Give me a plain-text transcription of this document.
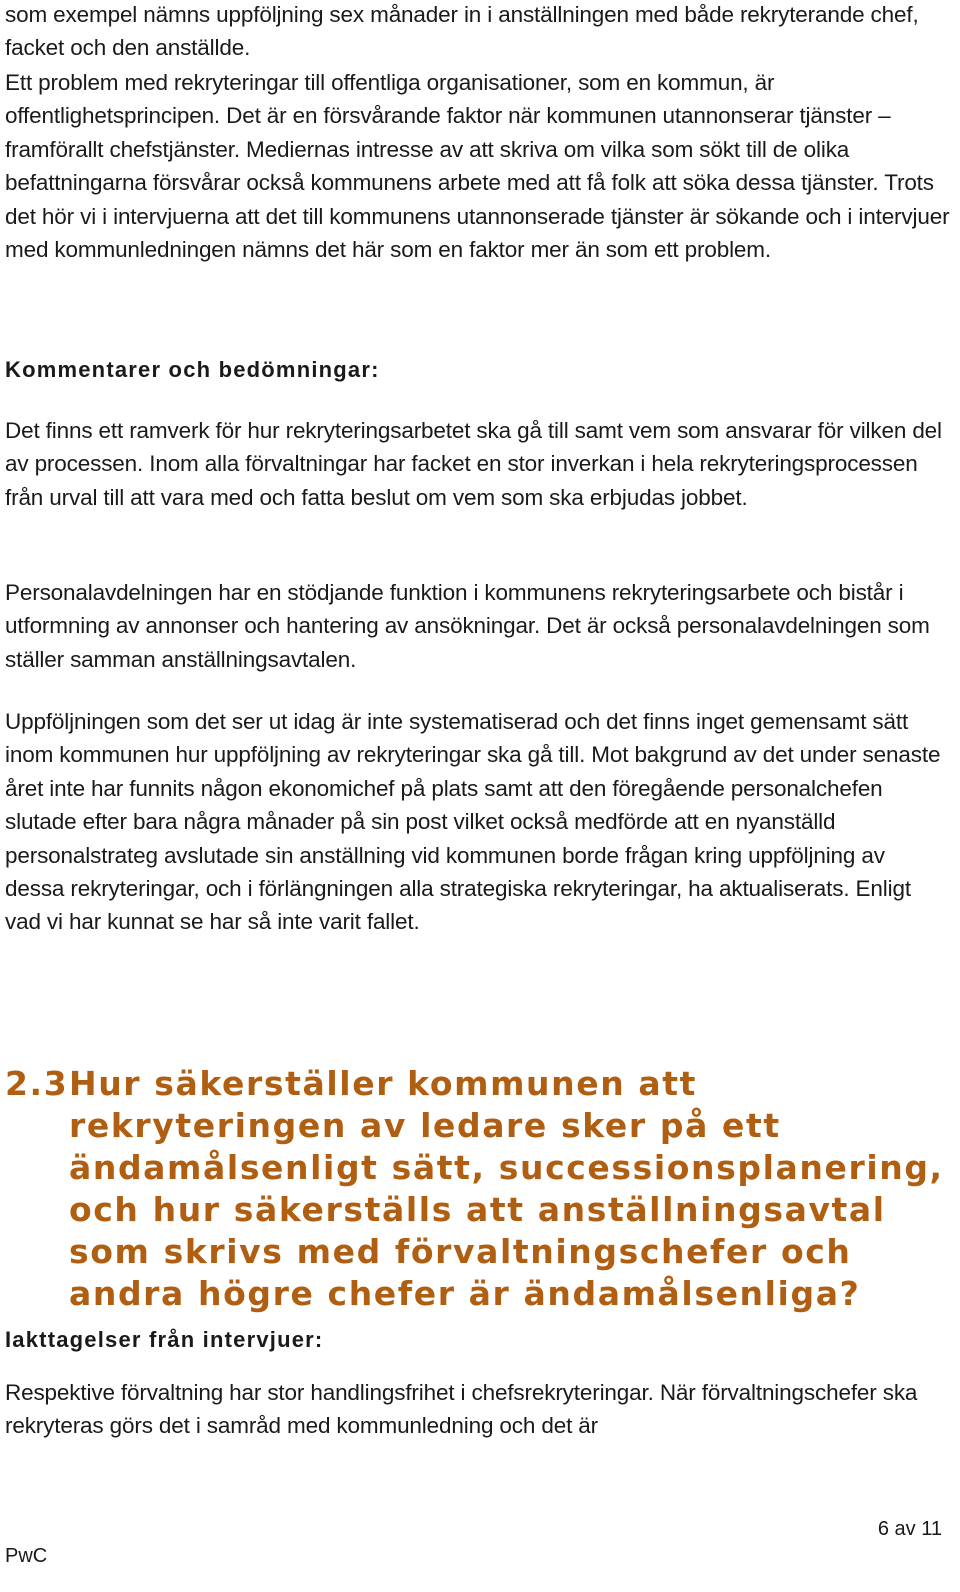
som exempel nämns uppföljning sex månader in i anställningen med både rekryterande chef, facket och den anställde.

Ett problem med rekryteringar till offentliga organisationer, som en kommun, är offentlighetsprincipen. Det är en försvårande faktor när kommunen utannonserar tjänster – framförallt chefstjänster. Mediernas intresse av att skriva om vilka som sökt till de olika befattningarna försvårar också kommunens arbete med att få folk att söka dessa tjänster. Trots det hör vi i intervjuerna att det till kommunens utannonserade tjänster är sökande och i intervjuer med kommunledningen nämns det här som en faktor mer än som ett problem.

Kommentarer och bedömningar:

Det finns ett ramverk för hur rekryteringsarbetet ska gå till samt vem som ansvarar för vilken del av processen. Inom alla förvaltningar har facket en stor inverkan i hela rekryteringsprocessen från urval till att vara med och fatta beslut om vem som ska erbjudas jobbet.

Personalavdelningen har en stödjande funktion i kommunens rekryteringsarbete och bistår i utformning av annonser och hantering av ansökningar. Det är också personalavdelningen som ställer samman anställningsavtalen.

Uppföljningen som det ser ut idag är inte systematiserad och det finns inget gemensamt sätt inom kommunen hur uppföljning av rekryteringar ska gå till. Mot bakgrund av det under senaste året inte har funnits någon ekonomichef på plats samt att den föregående personalchefen slutade efter bara några månader på sin post vilket också medförde att en nyanställd personalstrateg avslutade sin anställning vid kommunen borde frågan kring uppföljning av dessa rekryteringar, och i förlängningen alla strategiska rekryteringar, ha aktualiserats. Enligt vad vi har kunnat se har så inte varit fallet.

2.3 Hur säkerställer kommunen att rekryteringen av ledare sker på ett ändamålsenligt sätt, successionsplanering, och hur säkerställs att anställningsavtal som skrivs med förvaltningschefer och andra högre chefer är ändamålsenliga?

Iakttagelser från intervjuer:

Respektive förvaltning har stor handlingsfrihet i chefsrekryteringar. När förvaltningschefer ska rekryteras görs det i samråd med kommunledning och det är

6 av 11
PwC
